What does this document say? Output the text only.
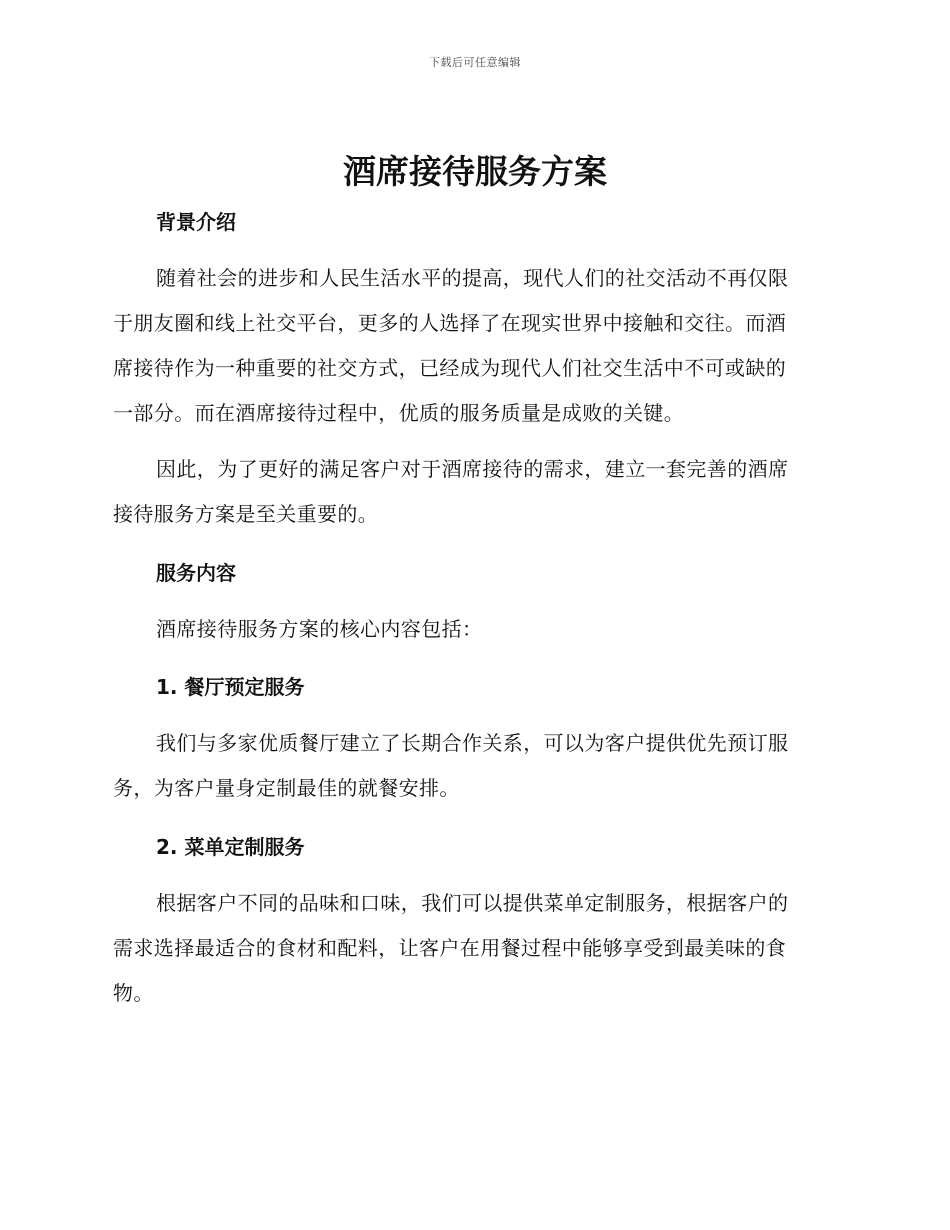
下载后可任意编辑
酒席接待服务方案
背景介绍
随着社会的进步和人民生活水平的提高，现代人们的社交活动不再仅限
于朋友圈和线上社交平台，更多的人选择了在现实世界中接触和交往。而酒
席接待作为一种重要的社交方式，已经成为现代人们社交生活中不可或缺的
一部分。而在酒席接待过程中，优质的服务质量是成败的关键。
因此，为了更好的满足客户对于酒席接待的需求，建立一套完善的酒席
接待服务方案是至关重要的。
服务内容
酒席接待服务方案的核心内容包括：
1. 餐厅预定服务
我们与多家优质餐厅建立了长期合作关系，可以为客户提供优先预订服
务，为客户量身定制最佳的就餐安排。
2. 菜单定制服务
根据客户不同的品味和口味，我们可以提供菜单定制服务，根据客户的
需求选择最适合的食材和配料，让客户在用餐过程中能够享受到最美味的食
物。
